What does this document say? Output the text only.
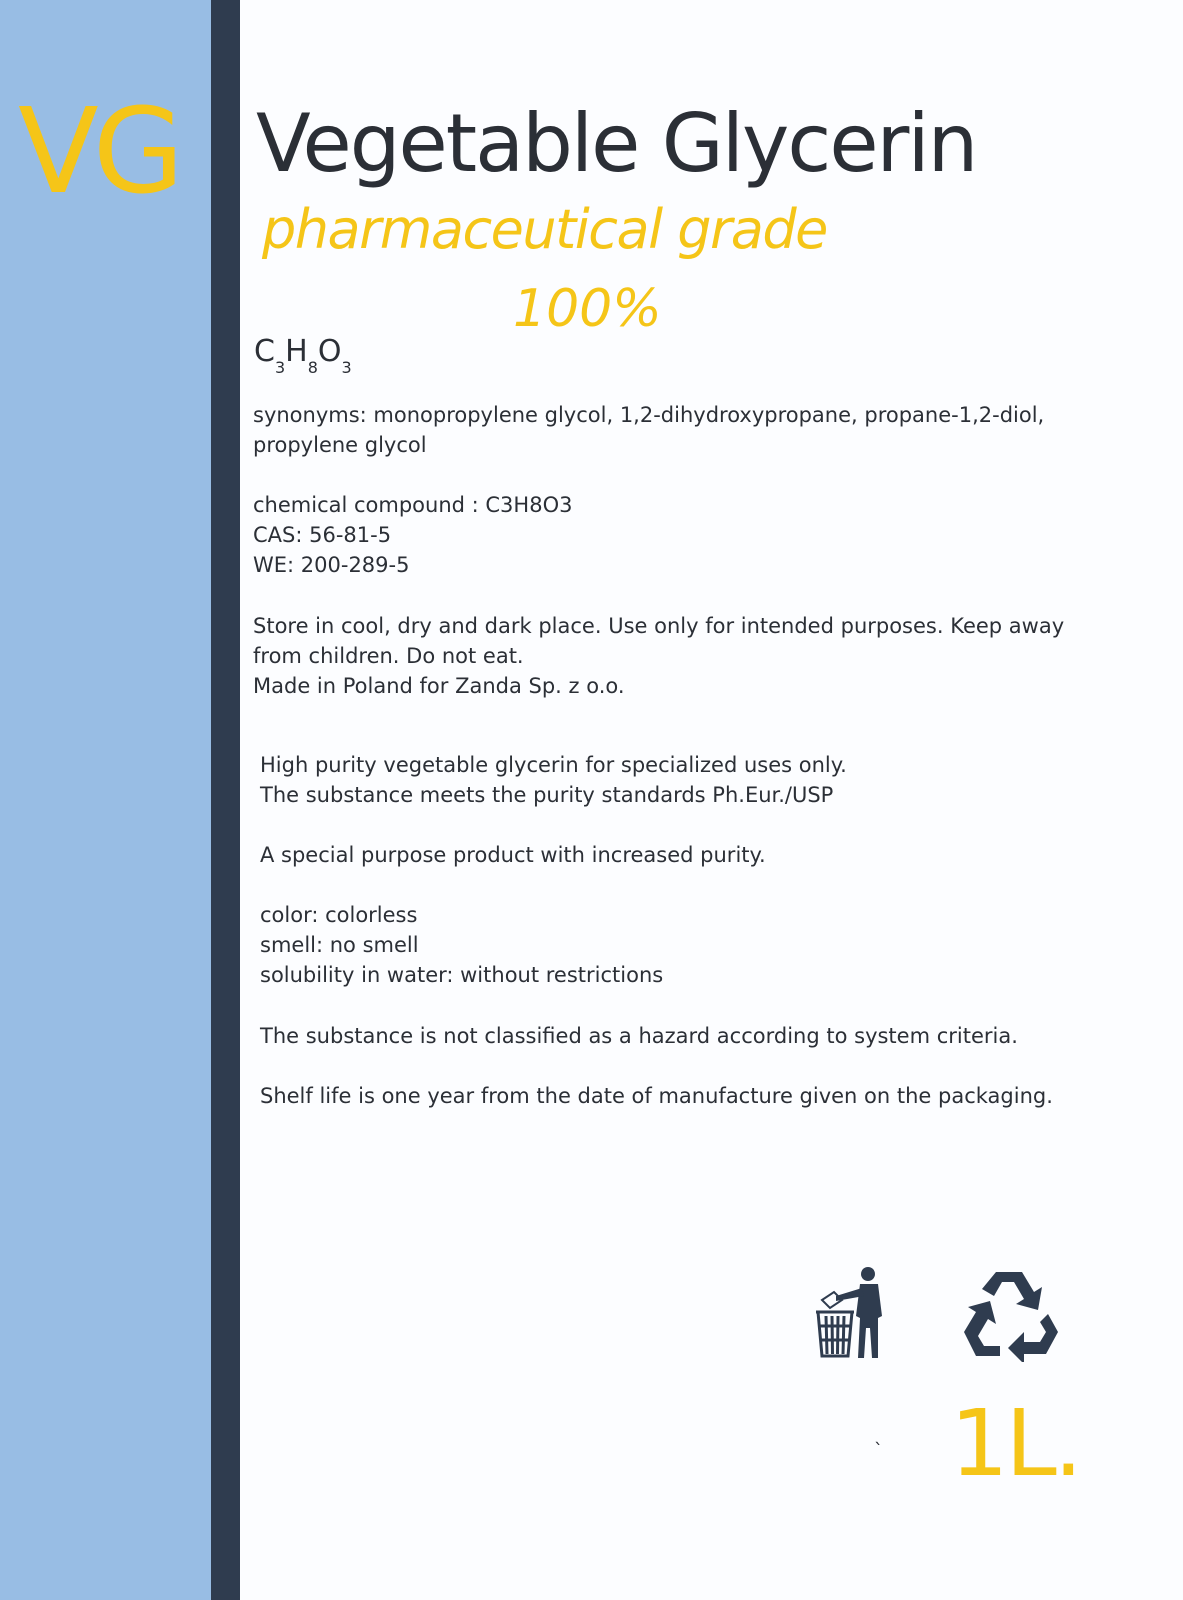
VG Vegetable Glycerin
pharmaceutical grade
100%
$C_3H_8O_3$
synonyms: monopropylene glycol, 1,2-dihydroxypropane, propane-1,2-diol,
propylene glycol
chemical compound : C3H8O3
CAS: 56-81-5
WE: 200-289-5
Store in cool, dry and dark place. Use only for intended purposes. Keep away
from children. Do not eat.
Made in Poland for Zanda Sp. z o.o.
High purity vegetable glycerin for specialized uses only.
The substance meets the purity standards Ph.Eur./USP
A special purpose product with increased purity.
color: colorless
smell: no smell
solubility in water: without restrictions
The substance is not classified as a hazard according to system criteria.
Shelf life is one year from the date of manufacture given on the packaging.
` 1L.
